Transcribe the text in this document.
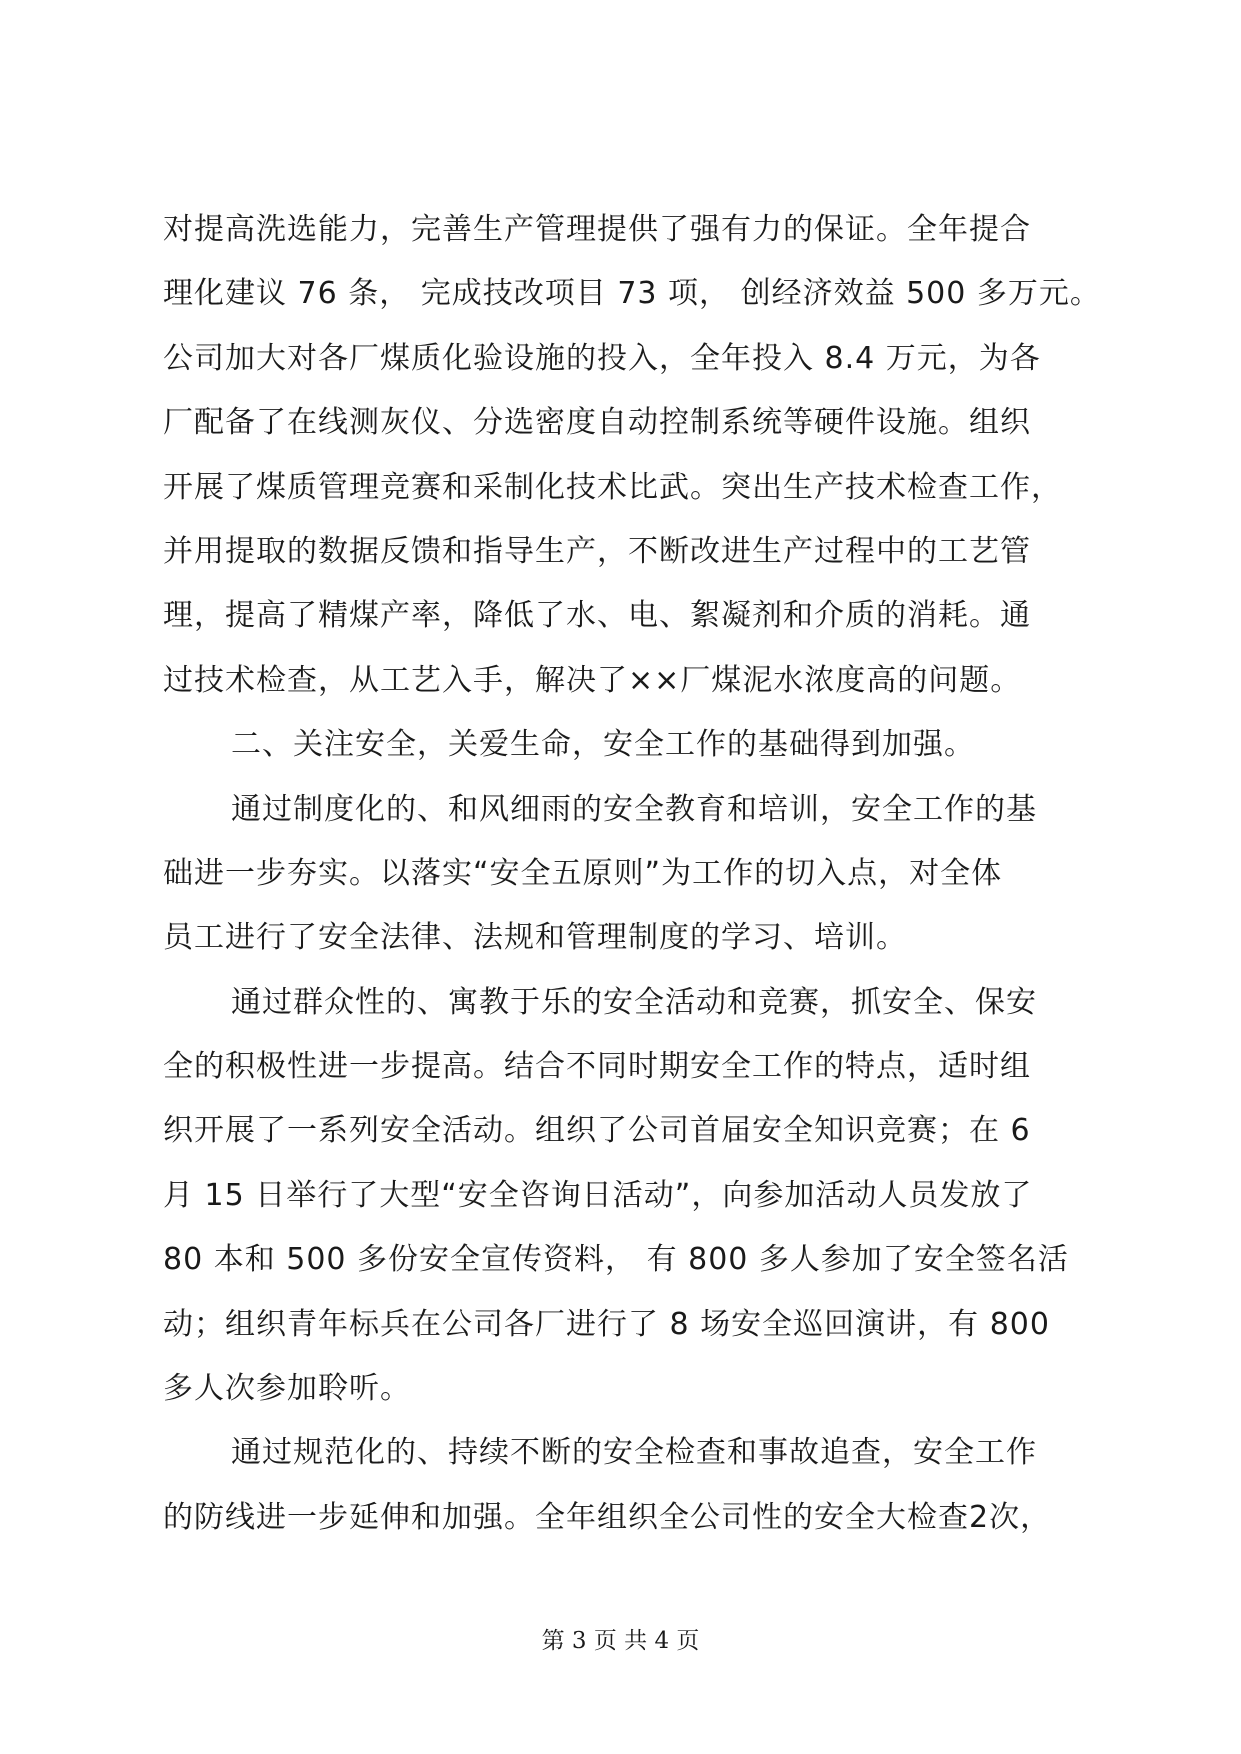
对提高洗选能力，完善生产管理提供了强有力的保证。全年提合
理化建议 76 条， 完成技改项目 73 项， 创经济效益 500 多万元。
公司加大对各厂煤质化验设施的投入，全年投入 8.4 万元，为各
厂配备了在线测灰仪、分选密度自动控制系统等硬件设施。组织
开展了煤质管理竞赛和采制化技术比武。突出生产技术检查工作，
并用提取的数据反馈和指导生产，不断改进生产过程中的工艺管
理，提高了精煤产率，降低了水、电、絮凝剂和介质的消耗。通
过技术检查，从工艺入手，解决了××厂煤泥水浓度高的问题。

二、关注安全，关爱生命，安全工作的基础得到加强。

通过制度化的、和风细雨的安全教育和培训，安全工作的基
础进一步夯实。以落实“安全五原则”为工作的切入点，对全体
员工进行了安全法律、法规和管理制度的学习、培训。

通过群众性的、寓教于乐的安全活动和竞赛，抓安全、保安
全的积极性进一步提高。结合不同时期安全工作的特点，适时组
织开展了一系列安全活动。组织了公司首届安全知识竞赛；在 6
月 15 日举行了大型“安全咨询日活动”，向参加活动人员发放了
80 本和 500 多份安全宣传资料， 有 800 多人参加了安全签名活
动；组织青年标兵在公司各厂进行了 8 场安全巡回演讲，有 800
多人次参加聆听。

通过规范化的、持续不断的安全检查和事故追查，安全工作
的防线进一步延伸和加强。全年组织全公司性的安全大检查2次，

第 3 页 共 4 页
